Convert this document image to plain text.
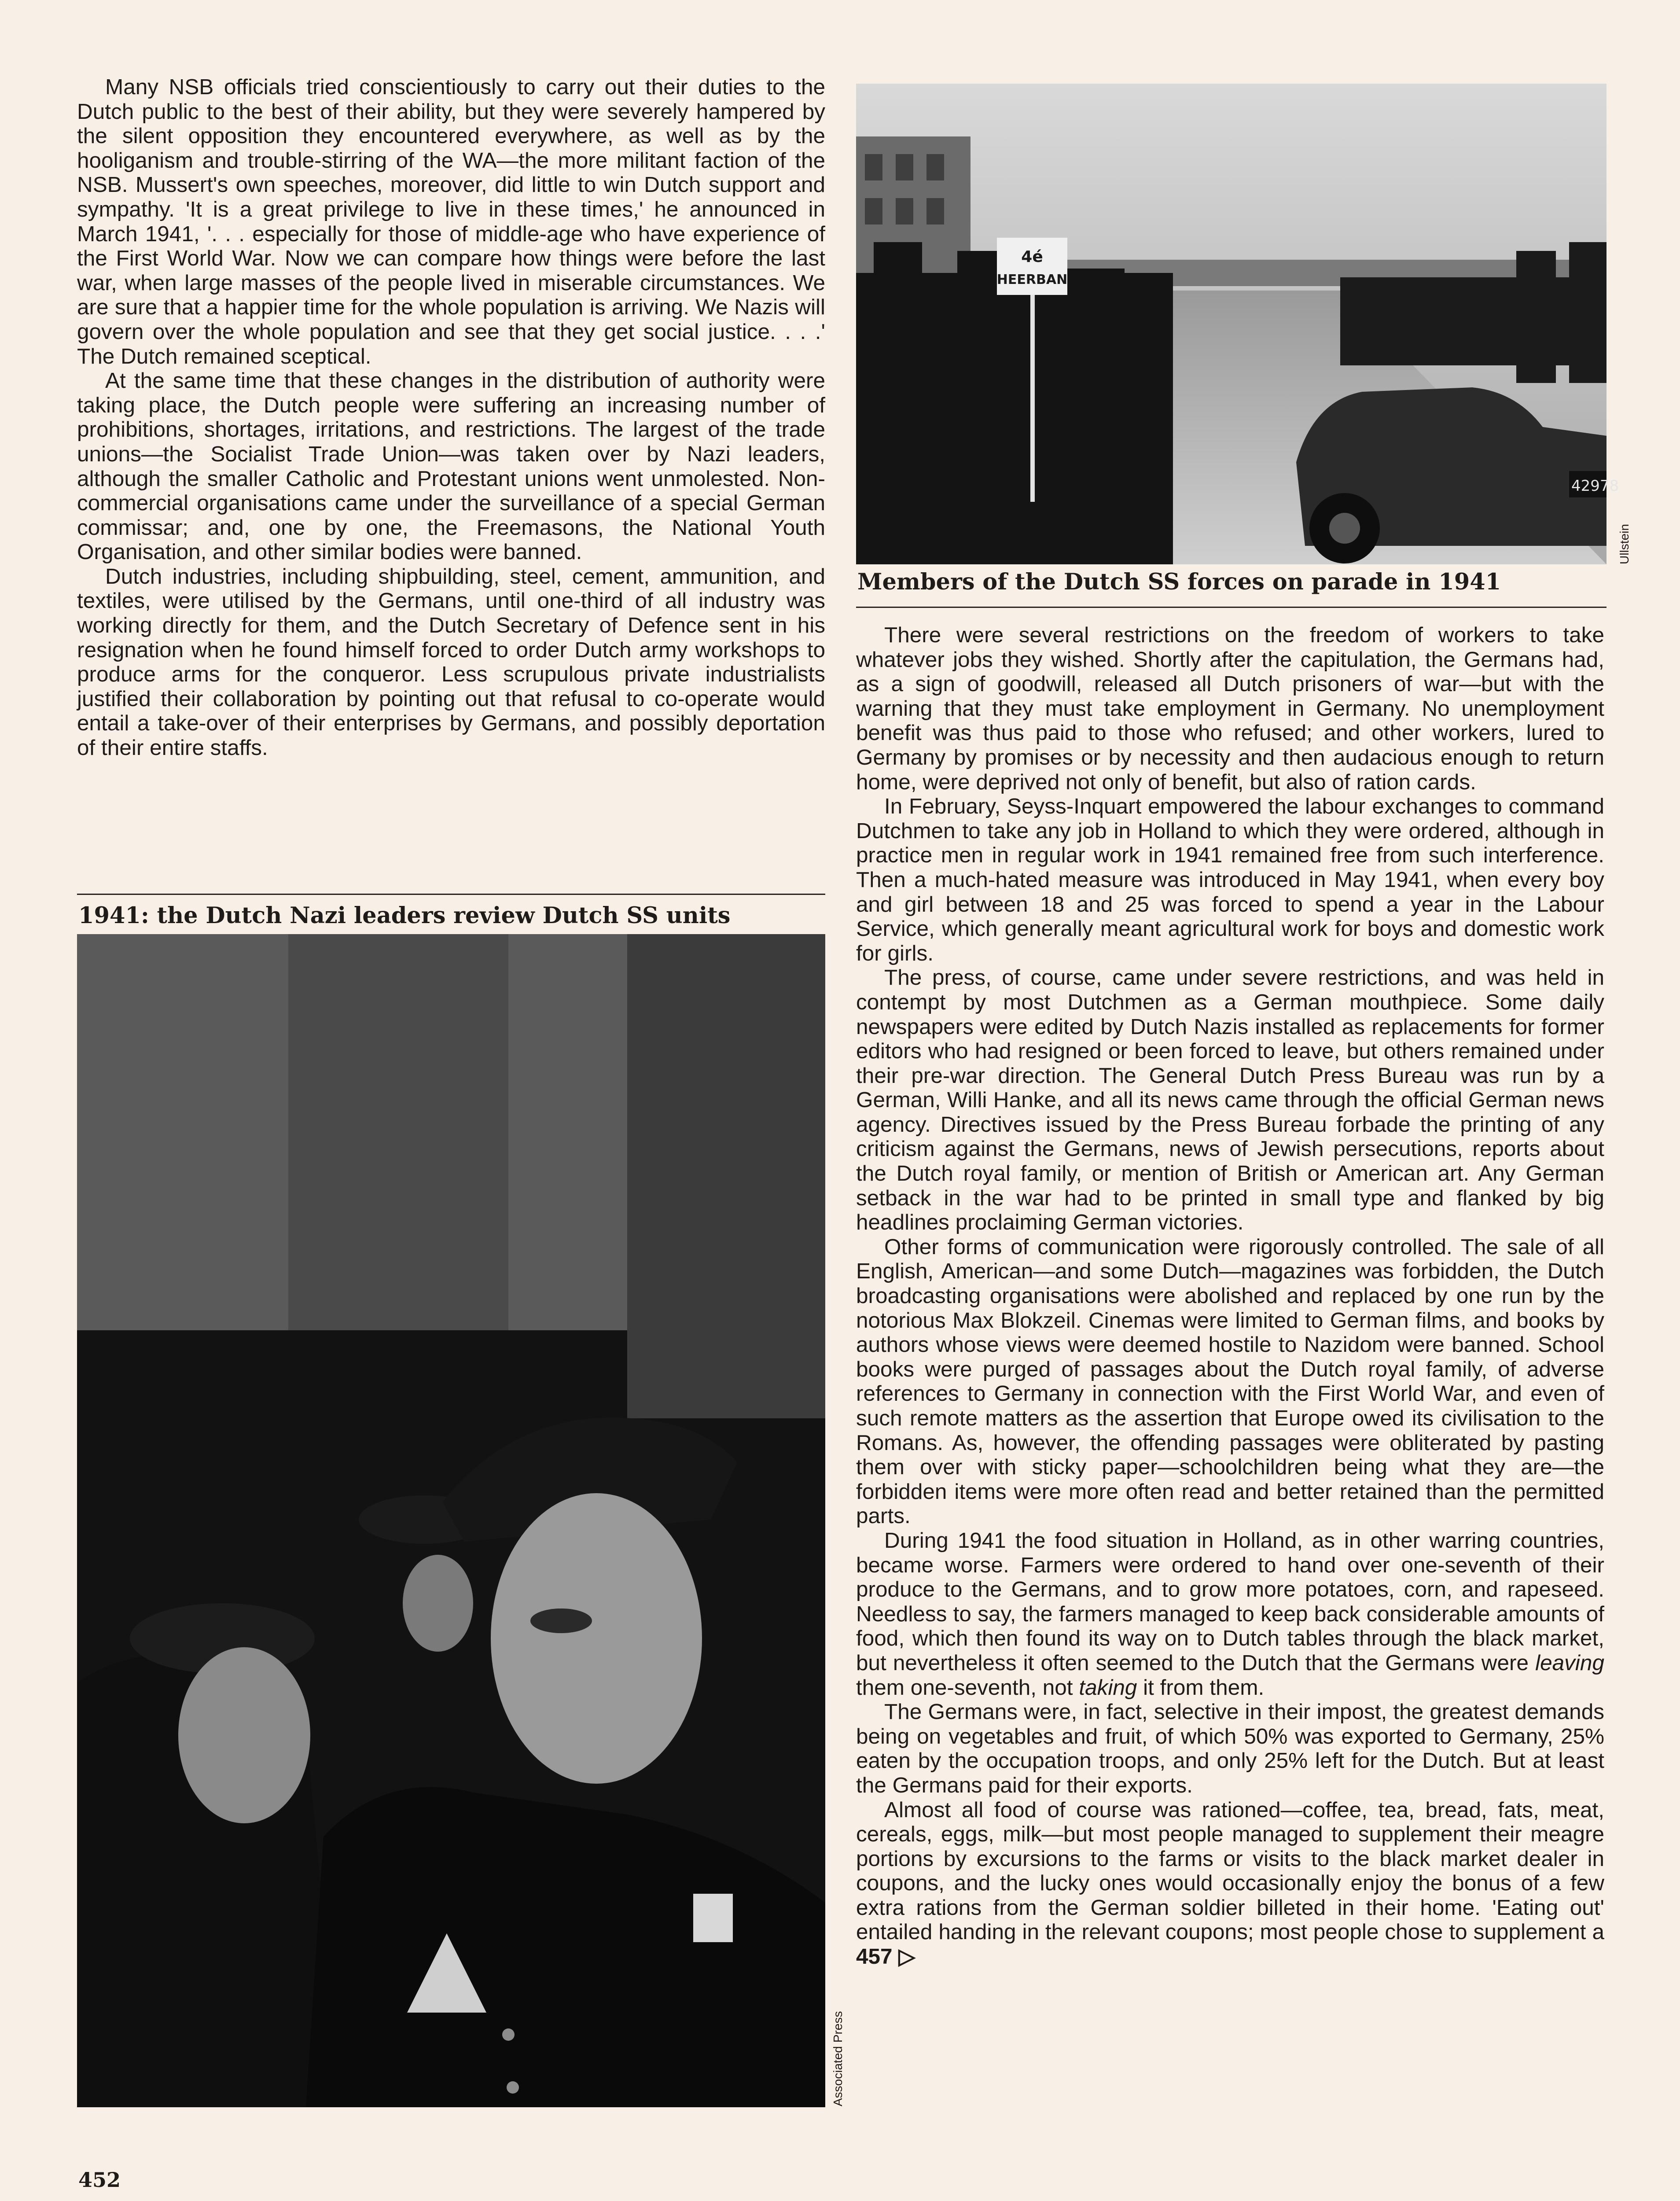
Many NSB officials tried conscientiously to carry out their duties to the Dutch public to the best of their ability, but they were severely hampered by the silent opposition they encountered everywhere, as well as by the hooliganism and trouble-stirring of the WA—the more militant faction of the NSB. Mussert's own speeches, moreover, did little to win Dutch support and sympathy. 'It is a great privilege to live in these times,' he announced in March 1941, '. . . especially for those of middle-age who have experience of the First World War. Now we can compare how things were before the last war, when large masses of the people lived in miserable circumstances. We are sure that a happier time for the whole population is arriving. We Nazis will govern over the whole population and see that they get social justice. . . .' The Dutch remained sceptical.

At the same time that these changes in the distribution of authority were taking place, the Dutch people were suffering an increasing number of prohibitions, shortages, irritations, and restrictions. The largest of the trade unions—the Socialist Trade Union—was taken over by Nazi leaders, although the smaller Catholic and Protestant unions went unmolested. Non-commercial organisations came under the surveillance of a special German commissar; and, one by one, the Freemasons, the National Youth Organisation, and other similar bodies were banned.

Dutch industries, including shipbuilding, steel, cement, ammunition, and textiles, were utilised by the Germans, until one-third of all industry was working directly for them, and the Dutch Secretary of Defence sent in his resignation when he found himself forced to order Dutch army workshops to produce arms for the conqueror. Less scrupulous private industrialists justified their collaboration by pointing out that refusal to co-operate would entail a take-over of their enterprises by Germans, and possibly deportation of their entire staffs.

42978
4é
HEERBAN
Ullstein
Members of the Dutch SS forces on parade in 1941
1941: the Dutch Nazi leaders review Dutch SS units
Associated Press

There were several restrictions on the freedom of workers to take whatever jobs they wished. Shortly after the capitulation, the Germans had, as a sign of goodwill, released all Dutch prisoners of war—but with the warning that they must take employment in Germany. No unemployment benefit was thus paid to those who refused; and other workers, lured to Germany by promises or by necessity and then audacious enough to return home, were deprived not only of benefit, but also of ration cards.

In February, Seyss-Inquart empowered the labour exchanges to command Dutchmen to take any job in Holland to which they were ordered, although in practice men in regular work in 1941 remained free from such interference. Then a much-hated measure was introduced in May 1941, when every boy and girl between 18 and 25 was forced to spend a year in the Labour Service, which generally meant agricultural work for boys and domestic work for girls.

The press, of course, came under severe restrictions, and was held in contempt by most Dutchmen as a German mouthpiece. Some daily newspapers were edited by Dutch Nazis installed as replacements for former editors who had resigned or been forced to leave, but others remained under their pre-war direction. The General Dutch Press Bureau was run by a German, Willi Hanke, and all its news came through the official German news agency. Directives issued by the Press Bureau forbade the printing of any criticism against the Germans, news of Jewish persecutions, reports about the Dutch royal family, or mention of British or American art. Any German setback in the war had to be printed in small type and flanked by big headlines proclaiming German victories.

Other forms of communication were rigorously controlled. The sale of all English, American—and some Dutch—magazines was forbidden, the Dutch broadcasting organisations were abolished and replaced by one run by the notorious Max Blokzeil. Cinemas were limited to German films, and books by authors whose views were deemed hostile to Nazidom were banned. School books were purged of passages about the Dutch royal family, of adverse references to Germany in connection with the First World War, and even of such remote matters as the assertion that Europe owed its civilisation to the Romans. As, however, the offending passages were obliterated by pasting them over with sticky paper—schoolchildren being what they are—the forbidden items were more often read and better retained than the permitted parts.

During 1941 the food situation in Holland, as in other warring countries, became worse. Farmers were ordered to hand over one-seventh of their produce to the Germans, and to grow more potatoes, corn, and rapeseed. Needless to say, the farmers managed to keep back considerable amounts of food, which then found its way on to Dutch tables through the black market, but nevertheless it often seemed to the Dutch that the Germans were leaving them one-seventh, not taking it from them.

The Germans were, in fact, selective in their impost, the greatest demands being on vegetables and fruit, of which 50% was exported to Germany, 25% eaten by the occupation troops, and only 25% left for the Dutch. But at least the Germans paid for their exports.

Almost all food of course was rationed—coffee, tea, bread, fats, meat, cereals, eggs, milk—but most people managed to supplement their meagre portions by excursions to the farms or visits to the black market dealer in coupons, and the lucky ones would occasionally enjoy the bonus of a few extra rations from the German soldier billeted in their home. 'Eating out' entailed handing in the relevant coupons; most people chose to supplement a 457 ▷

452
